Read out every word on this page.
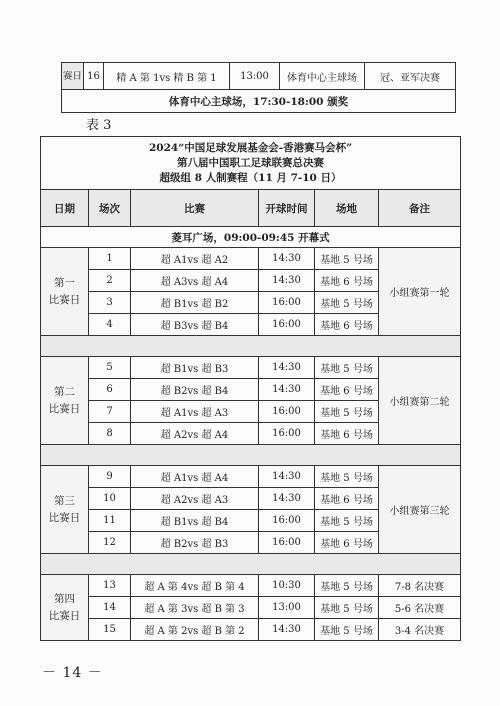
赛日	16	精 A 第 1vs 精 B 第 1	13:00	体育中心主球场	冠、亚军决赛
体育中心主球场，17:30-18:00 颁奖
表 3
2024“中国足球发展基金会-香港赛马会杯”
第八届中国职工足球联赛总决赛
超级组 8 人制赛程（11 月 7-10 日）					

日期	场次	比赛	开球时间	场地	备注
菱耳广场，09:00-09:45 开幕式					
第一
比赛日	1	超 A1vs 超 A2	14:30	基地 5 号场	小组赛第一轮
	2	超 A3vs 超 A4	14:30	基地 6 号场	
	3	超 B1vs 超 B2	16:00	基地 5 号场	
	4	超 B3vs 超 B4	16:00	基地 6 号场	

第二
比赛日	5	超 B1vs 超 B3	14:30	基地 5 号场	小组赛第二轮
	6	超 B2vs 超 B4	14:30	基地 6 号场	
	7	超 A1vs 超 A3	16:00	基地 5 号场	
	8	超 A2vs 超 A4	16:00	基地 6 号场	

第三
比赛日	9	超 A1vs 超 A4	14:30	基地 5 号场	小组赛第三轮
	10	超 A2vs 超 A3	14:30	基地 6 号场	
	11	超 B1vs 超 B4	16:00	基地 5 号场	
	12	超 B2vs 超 B3	16:00	基地 6 号场	

第四
比赛日	13	超 A 第 4vs 超 B 第 4	10:30	基地 5 号场	7-8 名决赛
	14	超 A 第 3vs 超 B 第 3	13:00	基地 5 号场	5-6 名决赛
	15	超 A 第 2vs 超 B 第 2	14:30	基地 5 号场	3-4 名决赛
－ 14 －
